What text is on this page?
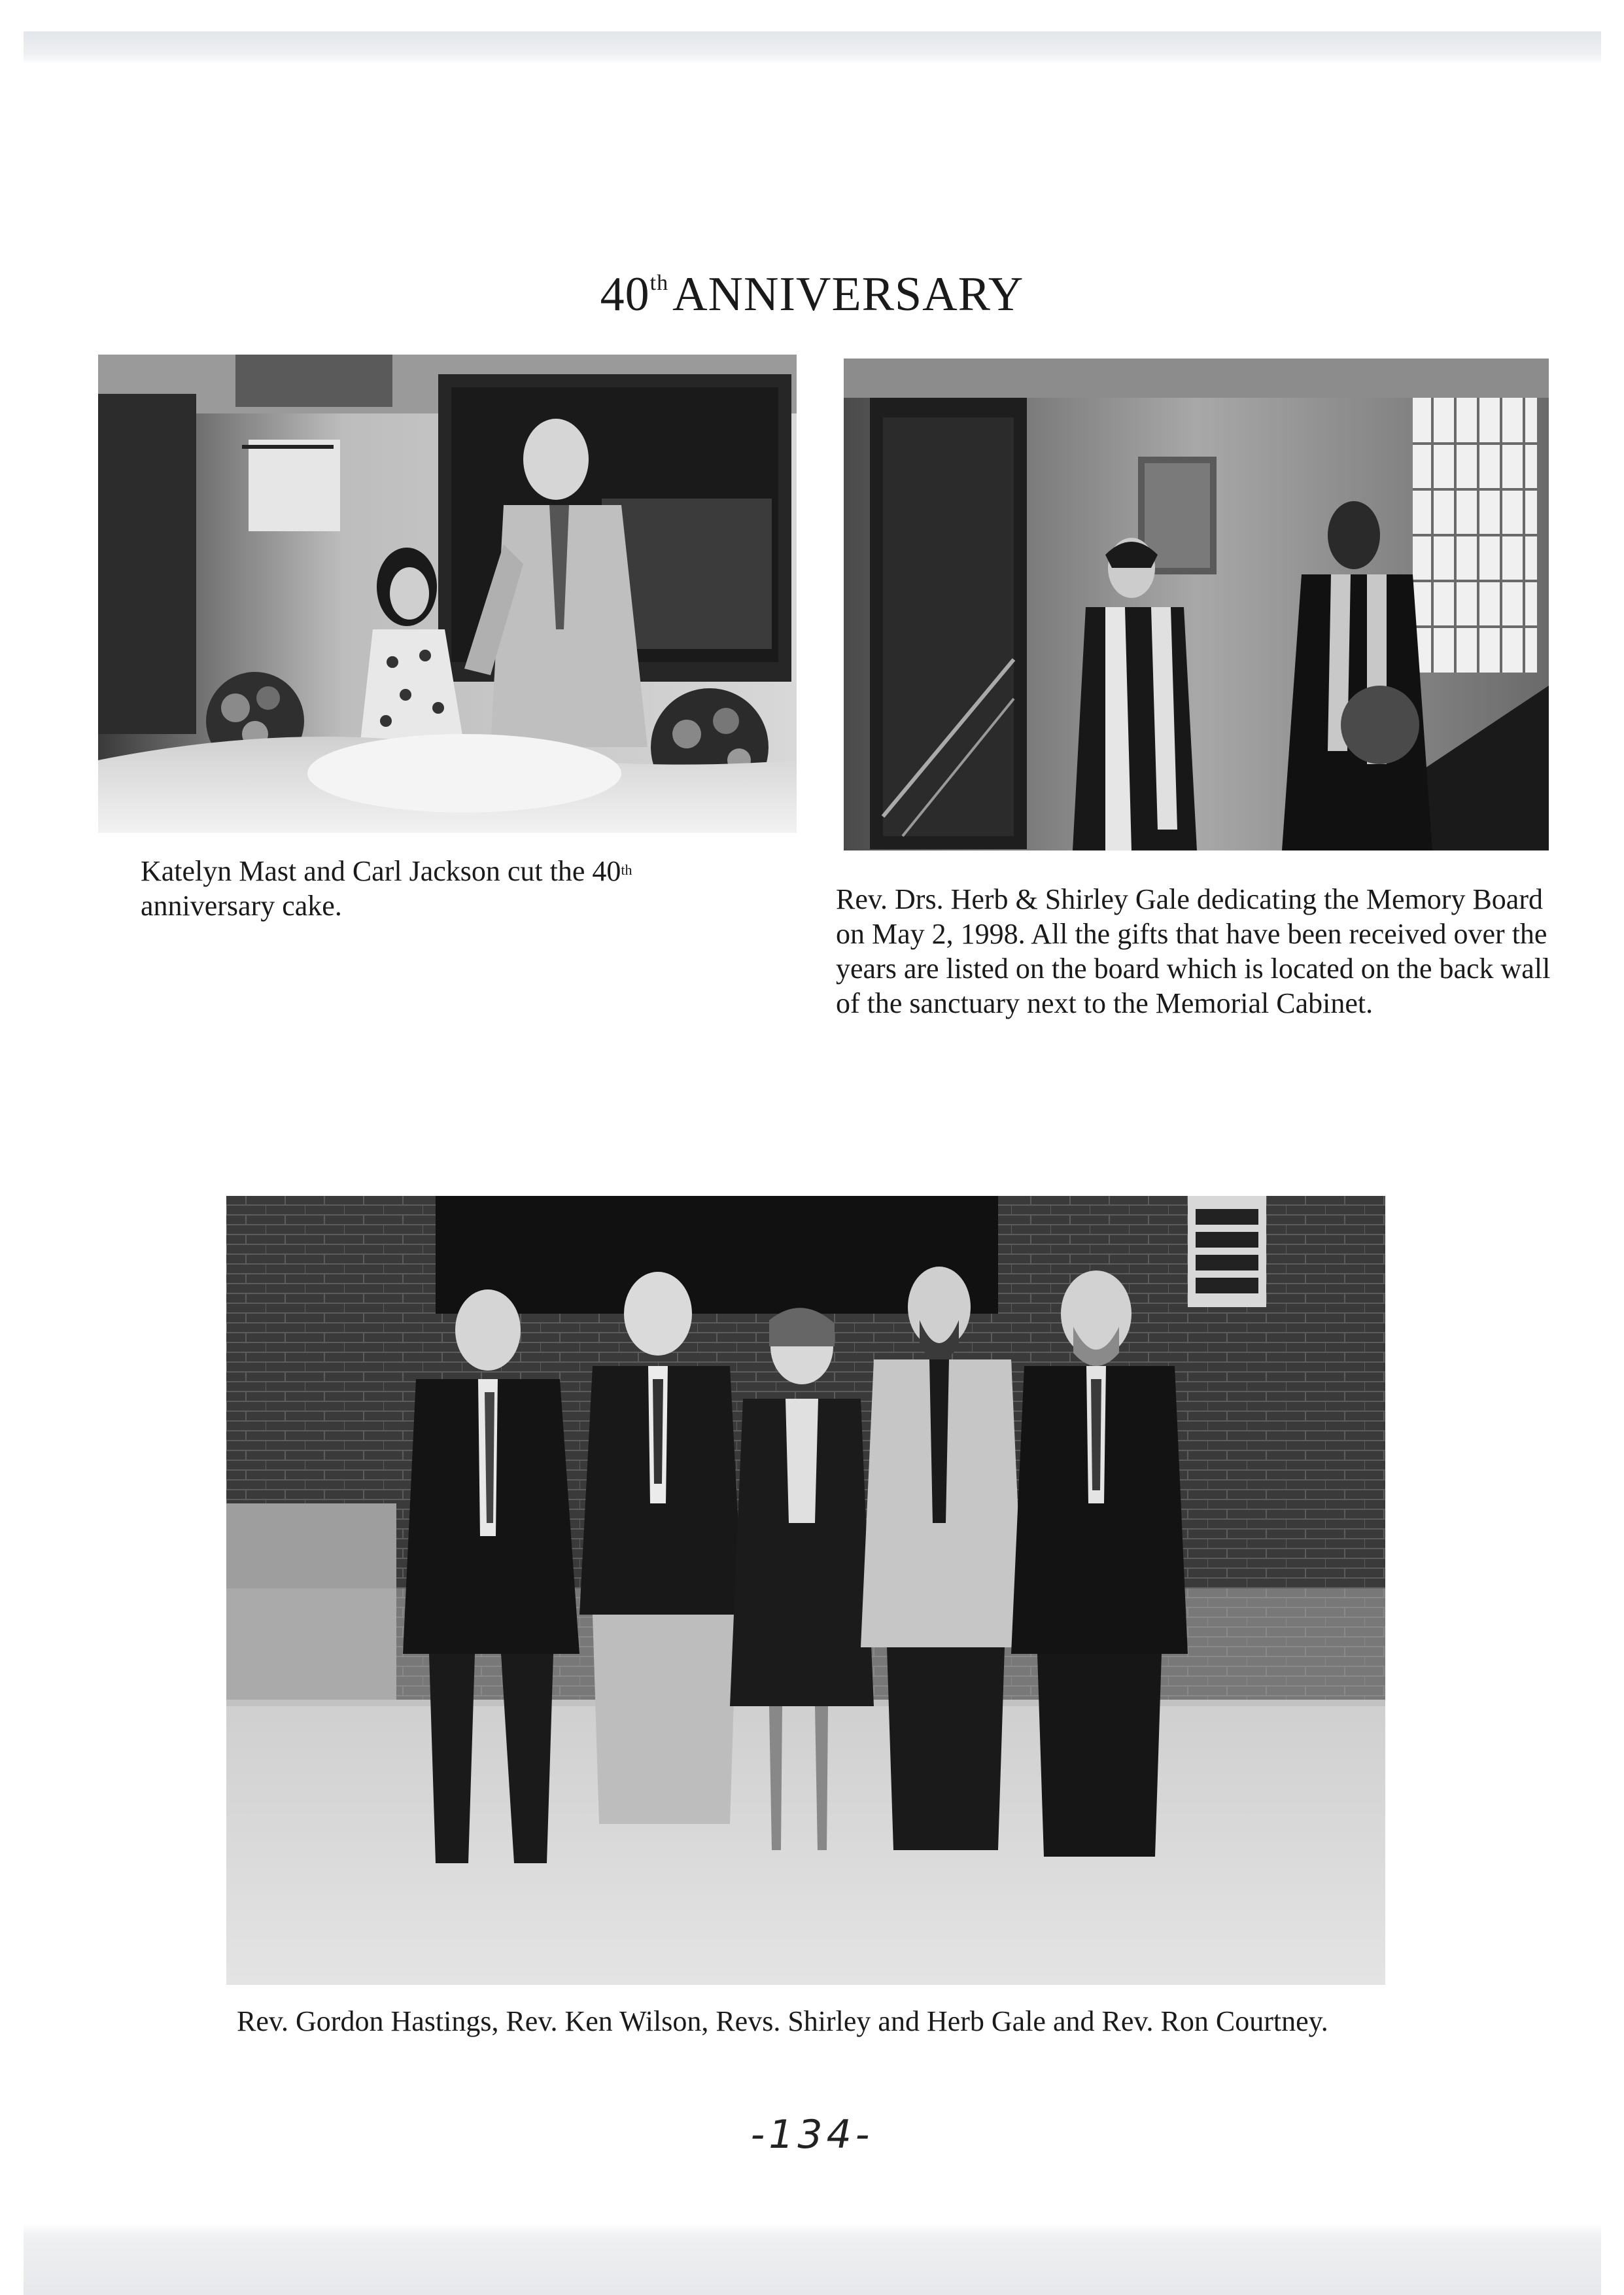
40thANNIVERSARY

Katelyn Mast and Carl Jackson cut the 40th anniversary cake.	Rev. Drs. Herb & Shirley Gale dedicating the Memory Board on May 2, 1998. All the gifts that have been received over the years are listed on the board which is located on the back wall of the sanctuary next to the Memorial Cabinet.

Rev. Gordon Hastings, Rev. Ken Wilson, Revs. Shirley and Herb Gale and Rev. Ron Courtney.

-134-
